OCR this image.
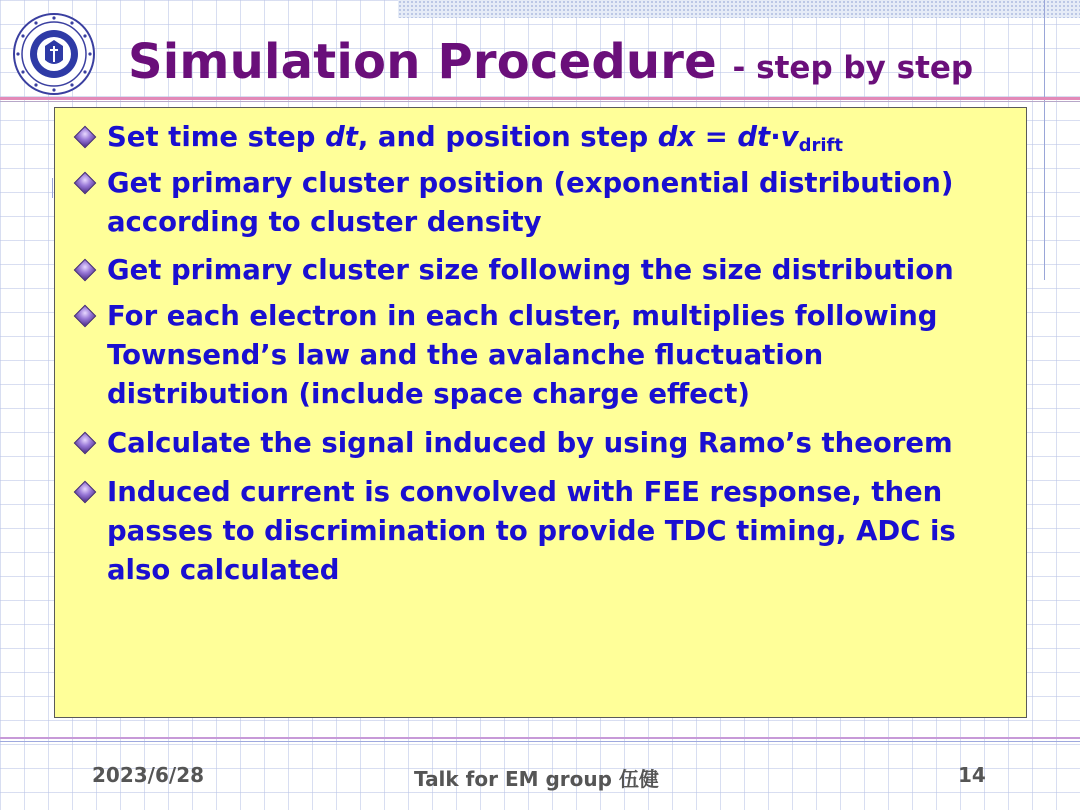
Simulation Procedure - step by step
Set time step dt, and position step dx = $dt\cdot v_{drift}$
Get primary cluster position (exponential distribution) according to cluster density
Get primary cluster size following the size distribution
For each electron in each cluster, multiplies following Townsend’s law and the avalanche fluctuation distribution (include space charge effect)
Calculate the signal induced by using Ramo’s theorem
Induced current is convolved with FEE response, then passes to discrimination to provide TDC timing, ADC is also calculated
2023/6/28	Talk for EM group 伍健	14
